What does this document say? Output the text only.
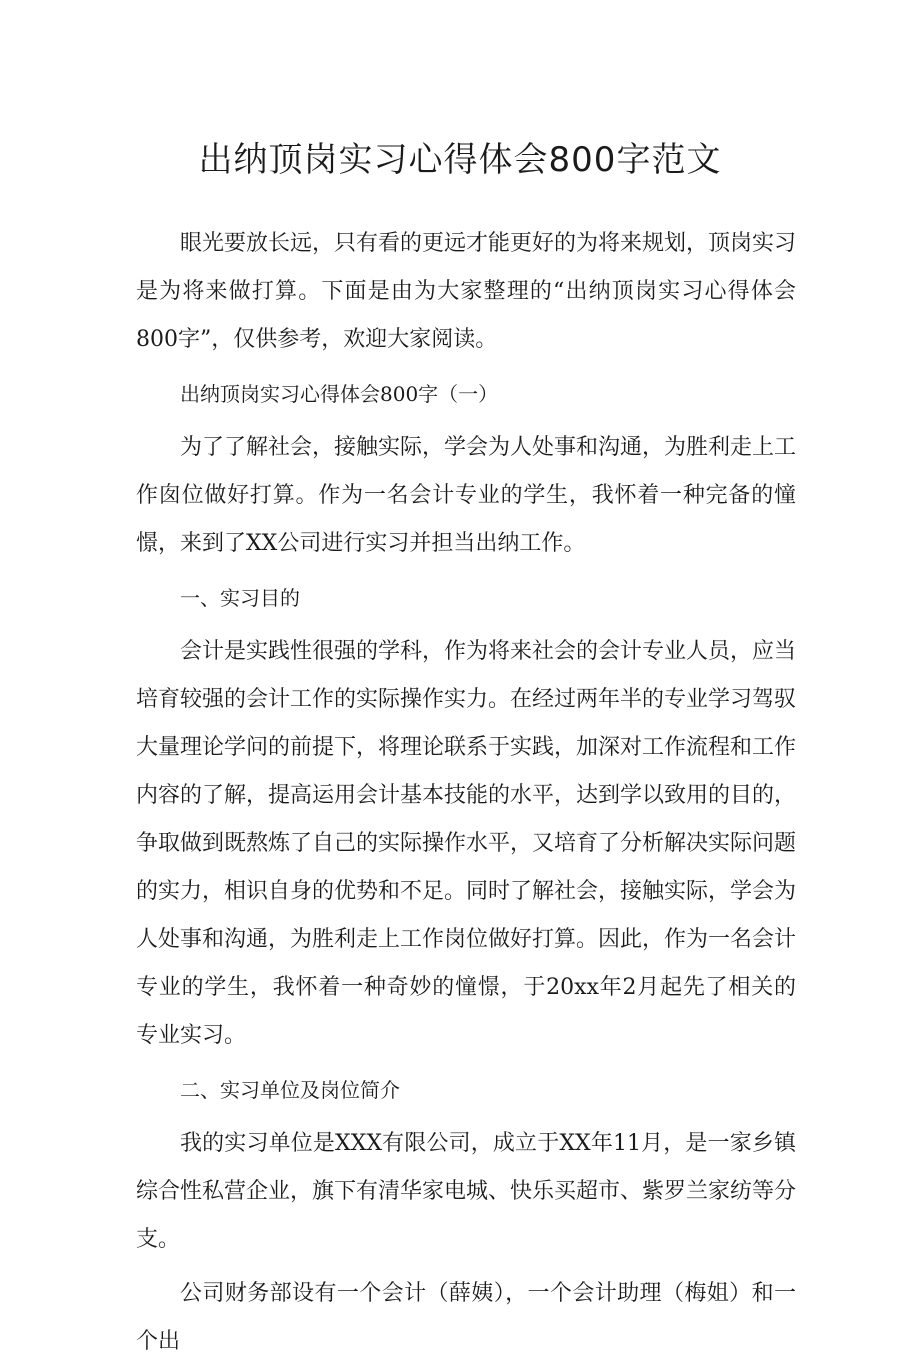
出纳顶岗实习心得体会800字范文

眼光要放长远，只有看的更远才能更好的为将来规划，顶岗实习是为将来做打算。下面是由为大家整理的“出纳顶岗实习心得体会800字”，仅供参考，欢迎大家阅读。

出纳顶岗实习心得体会800字（一）

为了了解社会，接触实际，学会为人处事和沟通，为胜利走上工作囱位做好打算。作为一名会计专业的学生，我怀着一种完备的憧憬，来到了XX公司进行实习并担当出纳工作。

一、实习目的

会计是实践性很强的学科，作为将来社会的会计专业人员，应当培育较强的会计工作的实际操作实力。在经过两年半的专业学习驾驭大量理论学问的前提下，将理论联系于实践，加深对工作流程和工作内容的了解，提高运用会计基本技能的水平，达到学以致用的目的，争取做到既熬炼了自己的实际操作水平，又培育了分析解决实际问题的实力，相识自身的优势和不足。同时了解社会，接触实际，学会为人处事和沟通，为胜利走上工作岗位做好打算。因此，作为一名会计专业的学生，我怀着一种奇妙的憧憬，于20xx年2月起先了相关的专业实习。

二、实习单位及岗位简介

我的实习单位是XXX有限公司，成立于XX年11月，是一家乡镇综合性私营企业，旗下有清华家电城、快乐买超市、紫罗兰家纺等分支。

公司财务部设有一个会计（薛姨），一个会计助理（梅姐）和一个出
